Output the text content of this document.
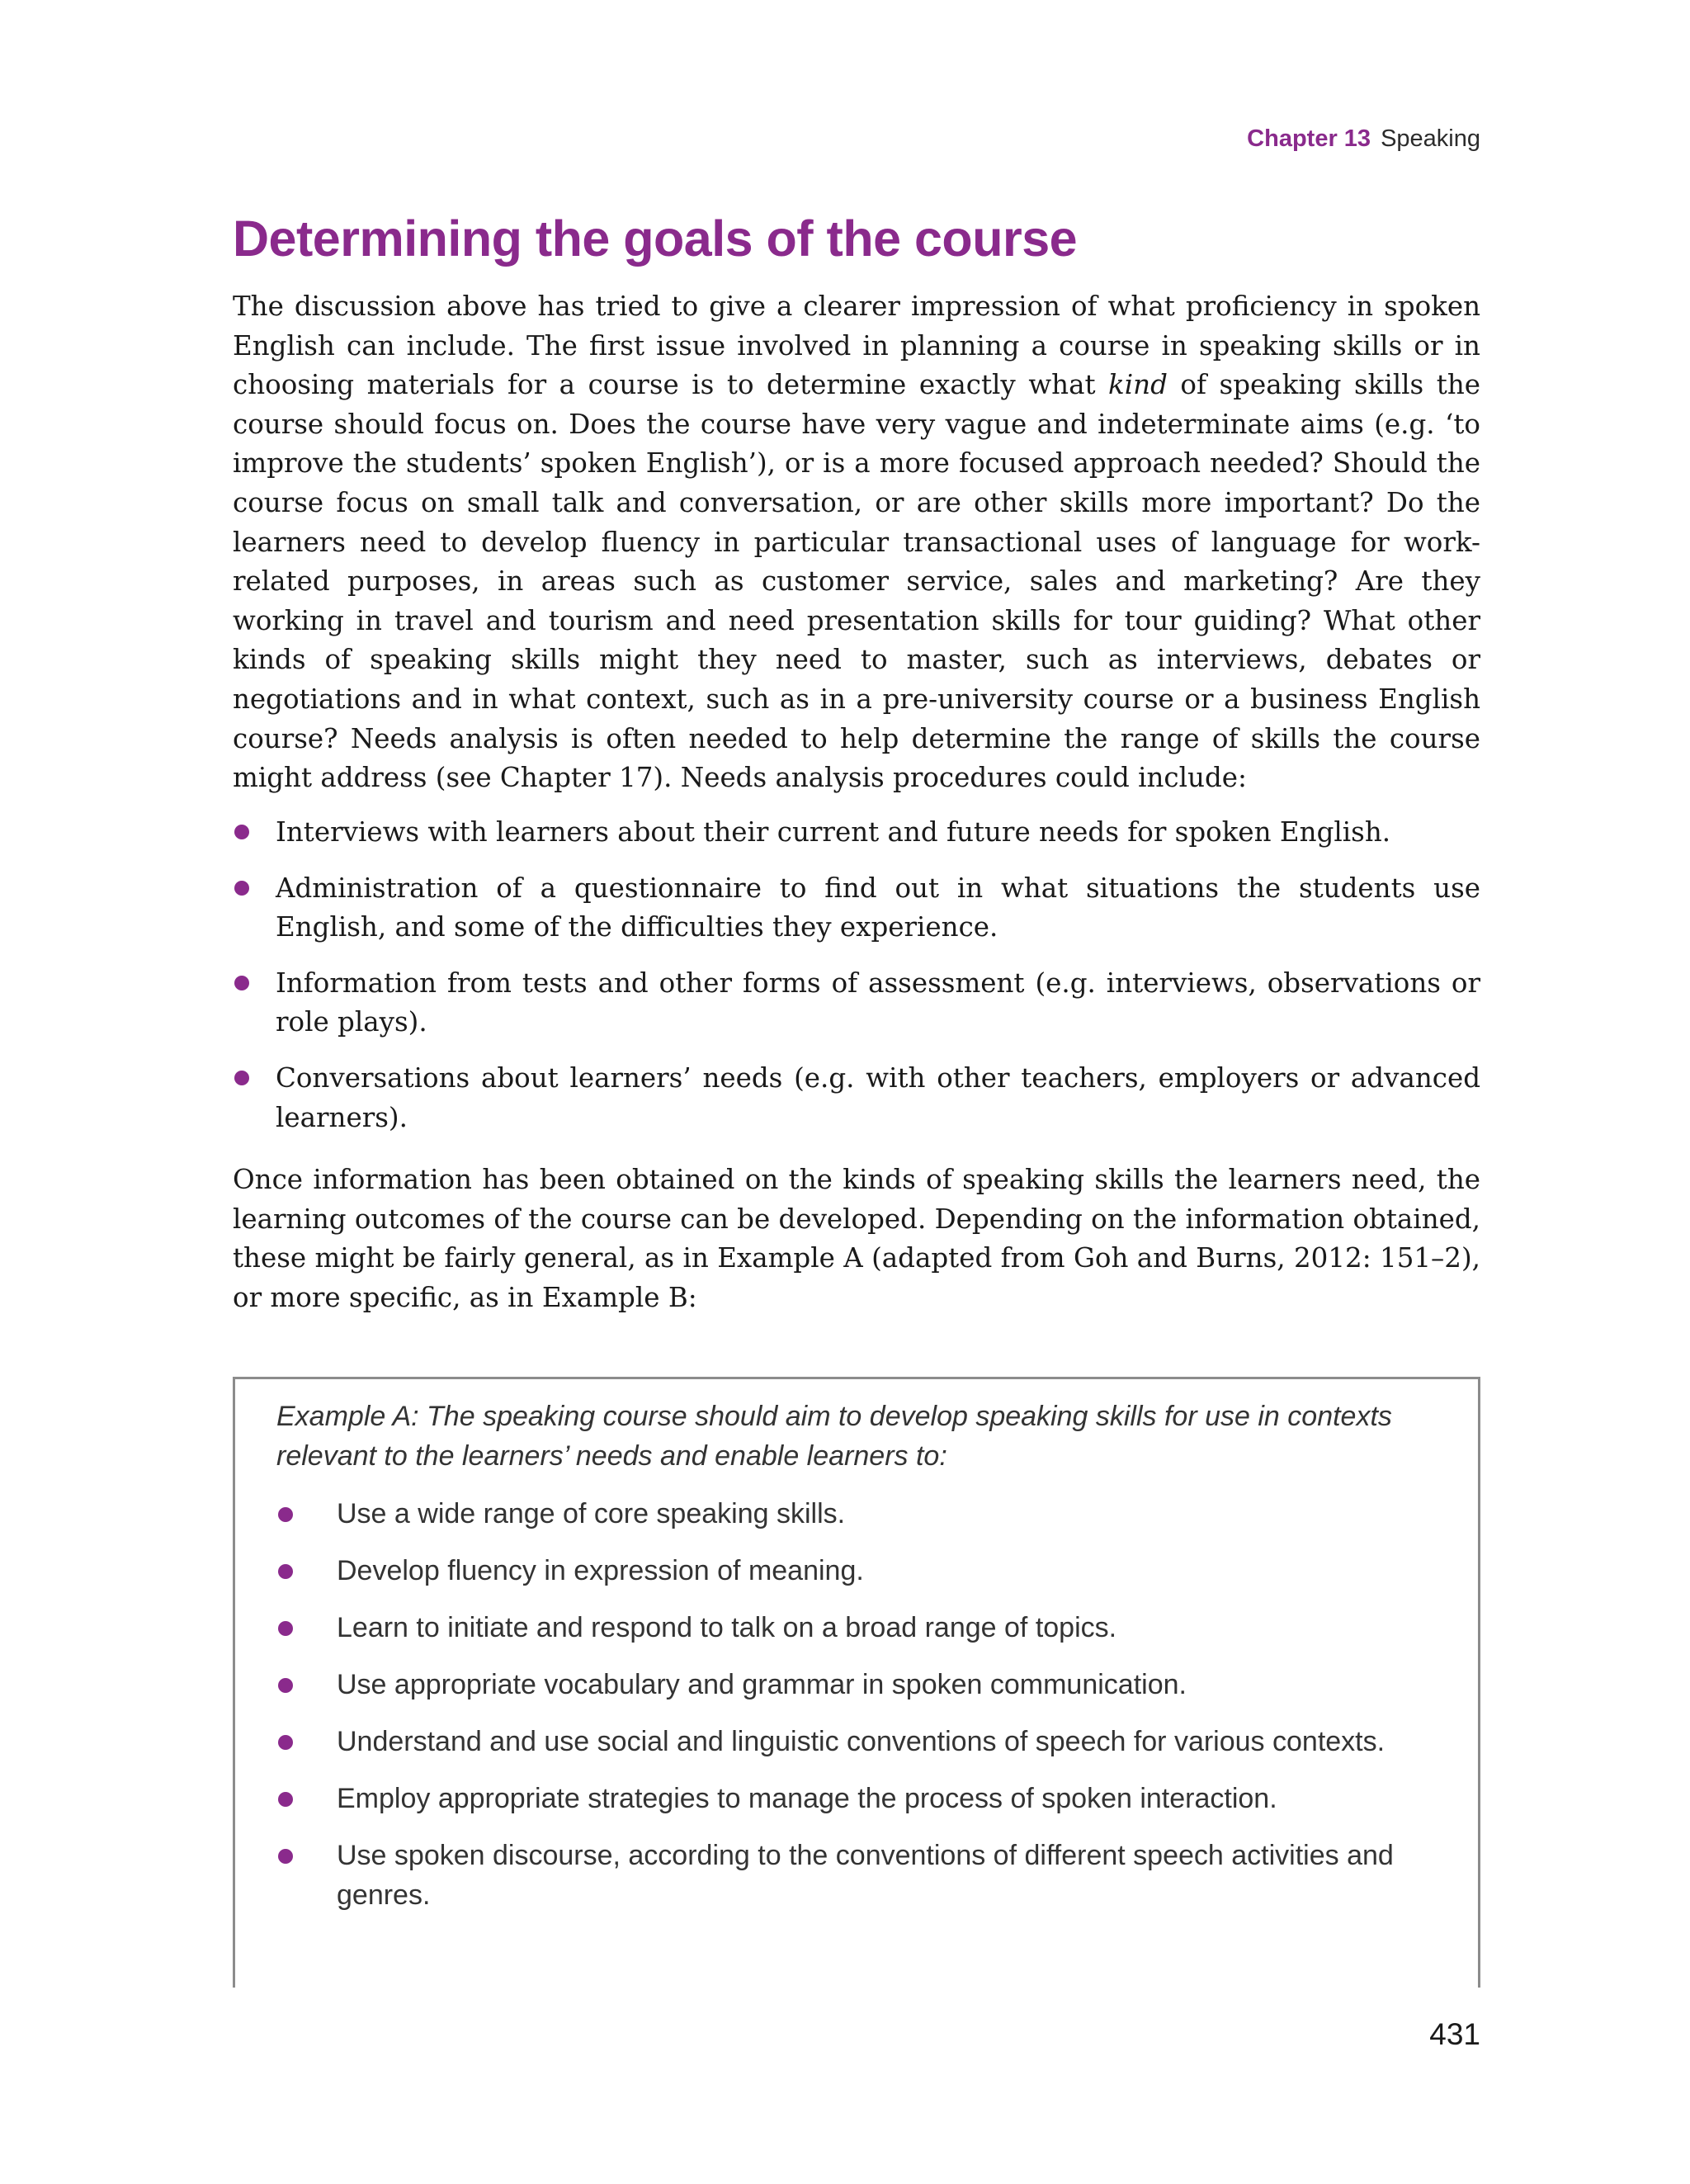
Chapter 13 Speaking
Determining the goals of the course

The discussion above has tried to give a clearer impression of what proficiency in spoken English can include. The first issue involved in planning a course in speaking skills or in choosing materials for a course is to determine exactly what kind of speaking skills the course should focus on. Does the course have very vague and indeterminate aims (e.g. ‘to improve the students’ spoken English’), or is a more focused approach needed? Should the course focus on small talk and conversation, or are other skills more important? Do the learners need to develop fluency in particular transactional uses of language for work-related purposes, in areas such as customer service, sales and marketing? Are they working in travel and tourism and need presentation skills for tour guiding? What other kinds of speaking skills might they need to master, such as interviews, debates or negotiations and in what context, such as in a pre-university course or a business English course? Needs analysis is often needed to help determine the range of skills the course might address (see Chapter 17). Needs analysis procedures could include:

Interviews with learners about their current and future needs for spoken English.
Administration of a questionnaire to find out in what situations the students use English, and some of the difficulties they experience.
Information from tests and other forms of assessment (e.g. interviews, observations or role plays).
Conversations about learners’ needs (e.g. with other teachers, employers or advanced learners).

Once information has been obtained on the kinds of speaking skills the learners need, the learning outcomes of the course can be developed. Depending on the information obtained, these might be fairly general, as in Example A (adapted from Goh and Burns, 2012: 151–2), or more specific, as in Example B:

Example A: The speaking course should aim to develop speaking skills for use in contexts relevant to the learners’ needs and enable learners to:

Use a wide range of core speaking skills.
Develop fluency in expression of meaning.
Learn to initiate and respond to talk on a broad range of topics.
Use appropriate vocabulary and grammar in spoken communication.
Understand and use social and linguistic conventions of speech for various contexts.
Employ appropriate strategies to manage the process of spoken interaction.
Use spoken discourse, according to the conventions of different speech activities and genres.
431
